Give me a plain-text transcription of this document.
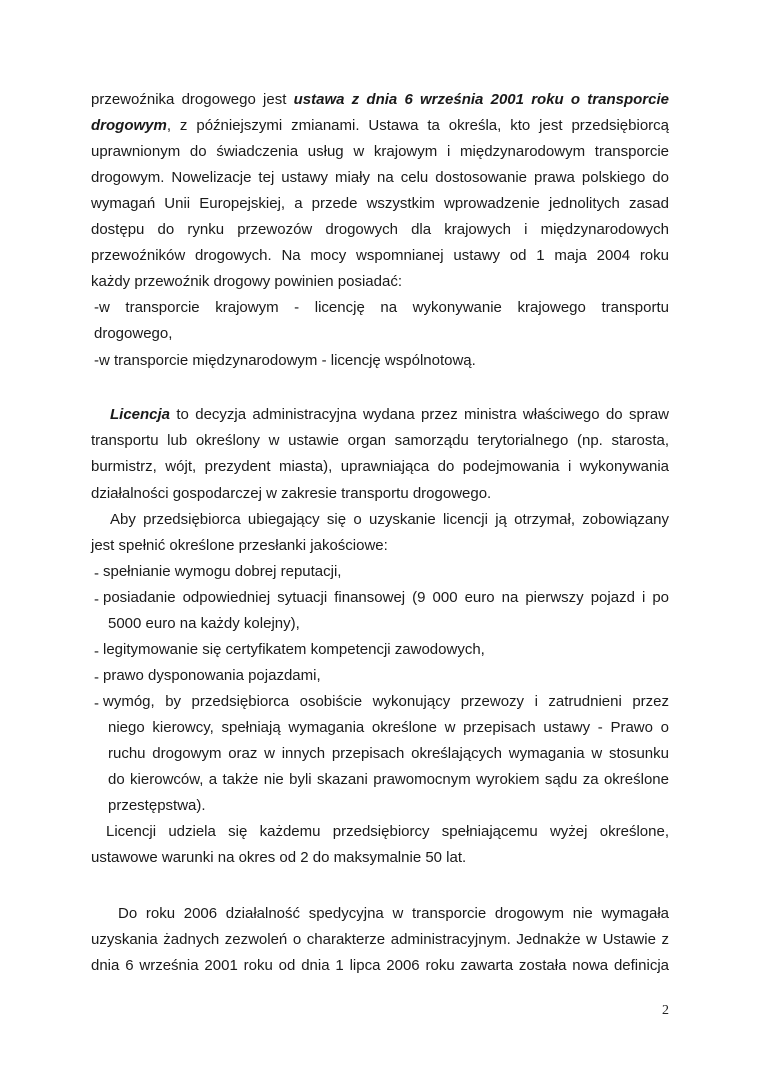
przewoźnika drogowego jest ustawa z dnia 6 września 2001 roku o transporcie
drogowym, z późniejszymi zmianami. Ustawa ta określa, kto jest przedsiębiorcą
uprawnionym do świadczenia usług w krajowym i międzynarodowym transporcie
drogowym. Nowelizacje tej ustawy miały na celu dostosowanie prawa polskiego do
wymagań Unii Europejskiej, a przede wszystkim wprowadzenie jednolitych zasad
dostępu do rynku przewozów drogowych dla krajowych i międzynarodowych
przewoźników drogowych. Na mocy wspomnianej ustawy od 1 maja 2004 roku
każdy przewoźnik drogowy powinien posiadać:
-w transporcie krajowym - licencję na wykonywanie krajowego transportu
drogowego,
-w transporcie międzynarodowym - licencję wspólnotową.
Licencja to decyzja administracyjna wydana przez ministra właściwego do spraw
transportu lub określony w ustawie organ samorządu terytorialnego (np. starosta,
burmistrz, wójt, prezydent miasta), uprawniająca do podejmowania i wykonywania
działalności gospodarczej w zakresie transportu drogowego.
Aby przedsiębiorca ubiegający się o uzyskanie licencji ją otrzymał, zobowiązany
jest spełnić określone przesłanki jakościowe:
- spełnianie wymogu dobrej reputacji,
- posiadanie odpowiedniej sytuacji finansowej (9 000 euro na pierwszy pojazd i po
5000 euro na każdy kolejny),
- legitymowanie się certyfikatem kompetencji zawodowych,
- prawo dysponowania pojazdami,
- wymóg, by przedsiębiorca osobiście wykonujący przewozy i zatrudnieni przez
niego kierowcy, spełniają wymagania określone w przepisach ustawy - Prawo o
ruchu drogowym oraz w innych przepisach określających wymagania w stosunku
do kierowców, a także nie byli skazani prawomocnym wyrokiem sądu za określone
przestępstwa).
Licencji udziela się każdemu przedsiębiorcy spełniającemu wyżej określone,
ustawowe warunki na okres od 2 do maksymalnie 50 lat.
Do roku 2006 działalność spedycyjna w transporcie drogowym nie wymagała
uzyskania żadnych zezwoleń o charakterze administracyjnym. Jednakże w Ustawie z
dnia 6 września 2001 roku od dnia 1 lipca 2006 roku zawarta została nowa definicja
2
